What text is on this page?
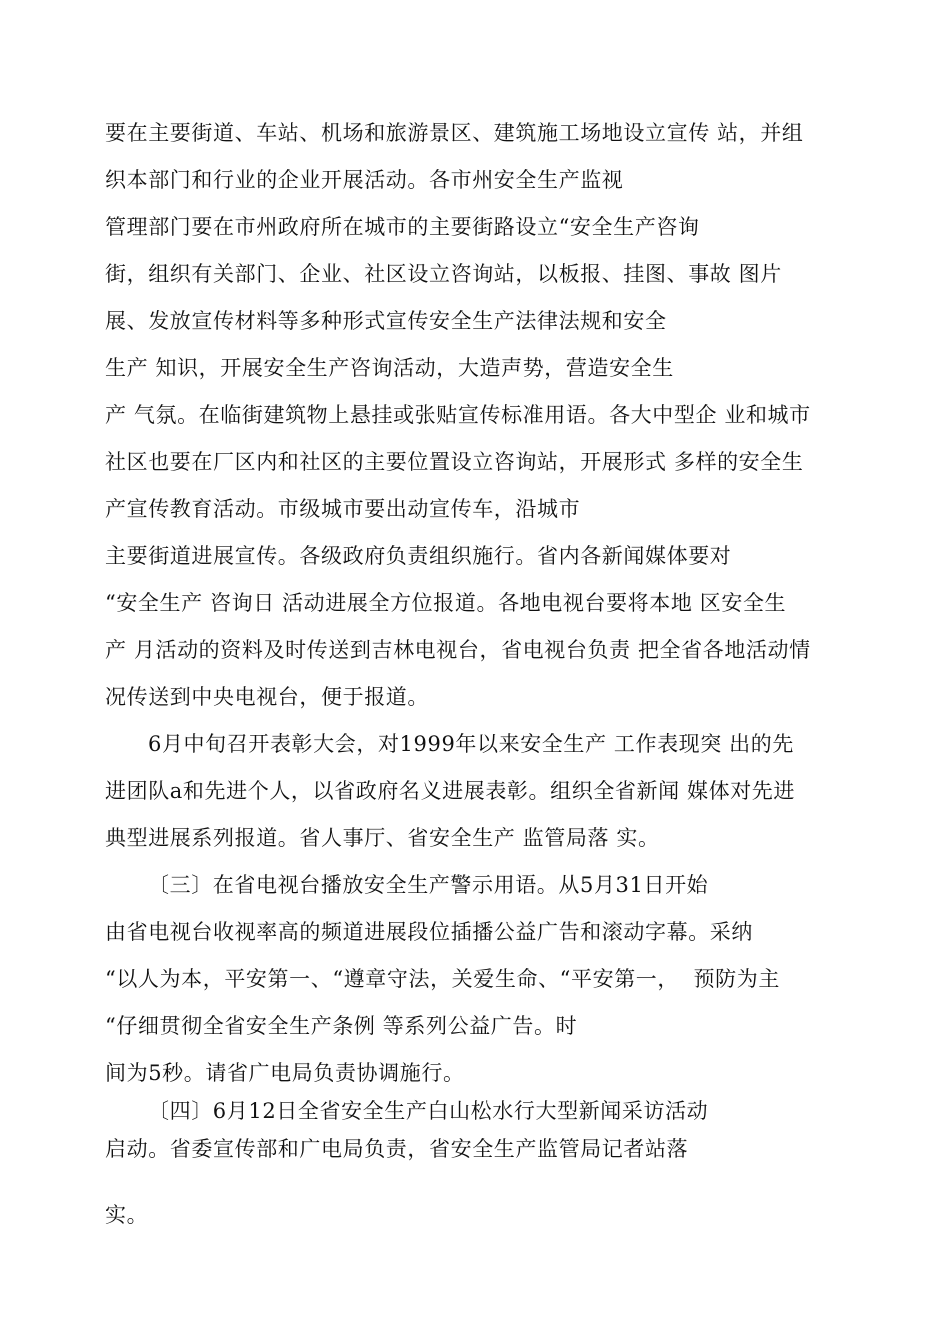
要在主要街道、车站、机场和旅游景区、建筑施工场地设立宣传 站，并组
织本部门和行业的企业开展活动。各市州安全生产监视
管理部门要在市州政府所在城市的主要街路设立“安全生产咨询
街，组织有关部门、企业、社区设立咨询站，以板报、挂图、事故 图片
展、发放宣传材料等多种形式宣传安全生产法律法规和安全
生产 知识，开展安全生产咨询活动，大造声势，营造安全生
产 气氛。在临街建筑物上悬挂或张贴宣传标准用语。各大中型企 业和城市
社区也要在厂区内和社区的主要位置设立咨询站，开展形式 多样的安全生
产宣传教育活动。市级城市要出动宣传车，沿城市
主要街道进展宣传。各级政府负责组织施行。省内各新闻媒体要对
“安全生产 咨询日 活动进展全方位报道。各地电视台要将本地 区安全生
产 月活动的资料及时传送到吉林电视台，省电视台负责 把全省各地活动情
况传送到中央电视台，便于报道。
6月中旬召开表彰大会，对1999年以来安全生产 工作表现突 出的先
进团队a和先进个人，以省政府名义进展表彰。组织全省新闻 媒体对先进
典型进展系列报道。省人事厅、省安全生产 监管局落 实。
〔三〕在省电视台播放安全生产警示用语。从5月31日开始
由省电视台收视率高的频道进展段位插播公益广告和滚动字幕。采纳
“以人为本，平安第一、“遵章守法，关爱生命、“平安第一，  预防为主
“仔细贯彻全省安全生产条例 等系列公益广告。时
间为5秒。请省广电局负责协调施行。
〔四〕6月12日全省安全生产白山松水行大型新闻采访活动
启动。省委宣传部和广电局负责，省安全生产监管局记者站落
实。
